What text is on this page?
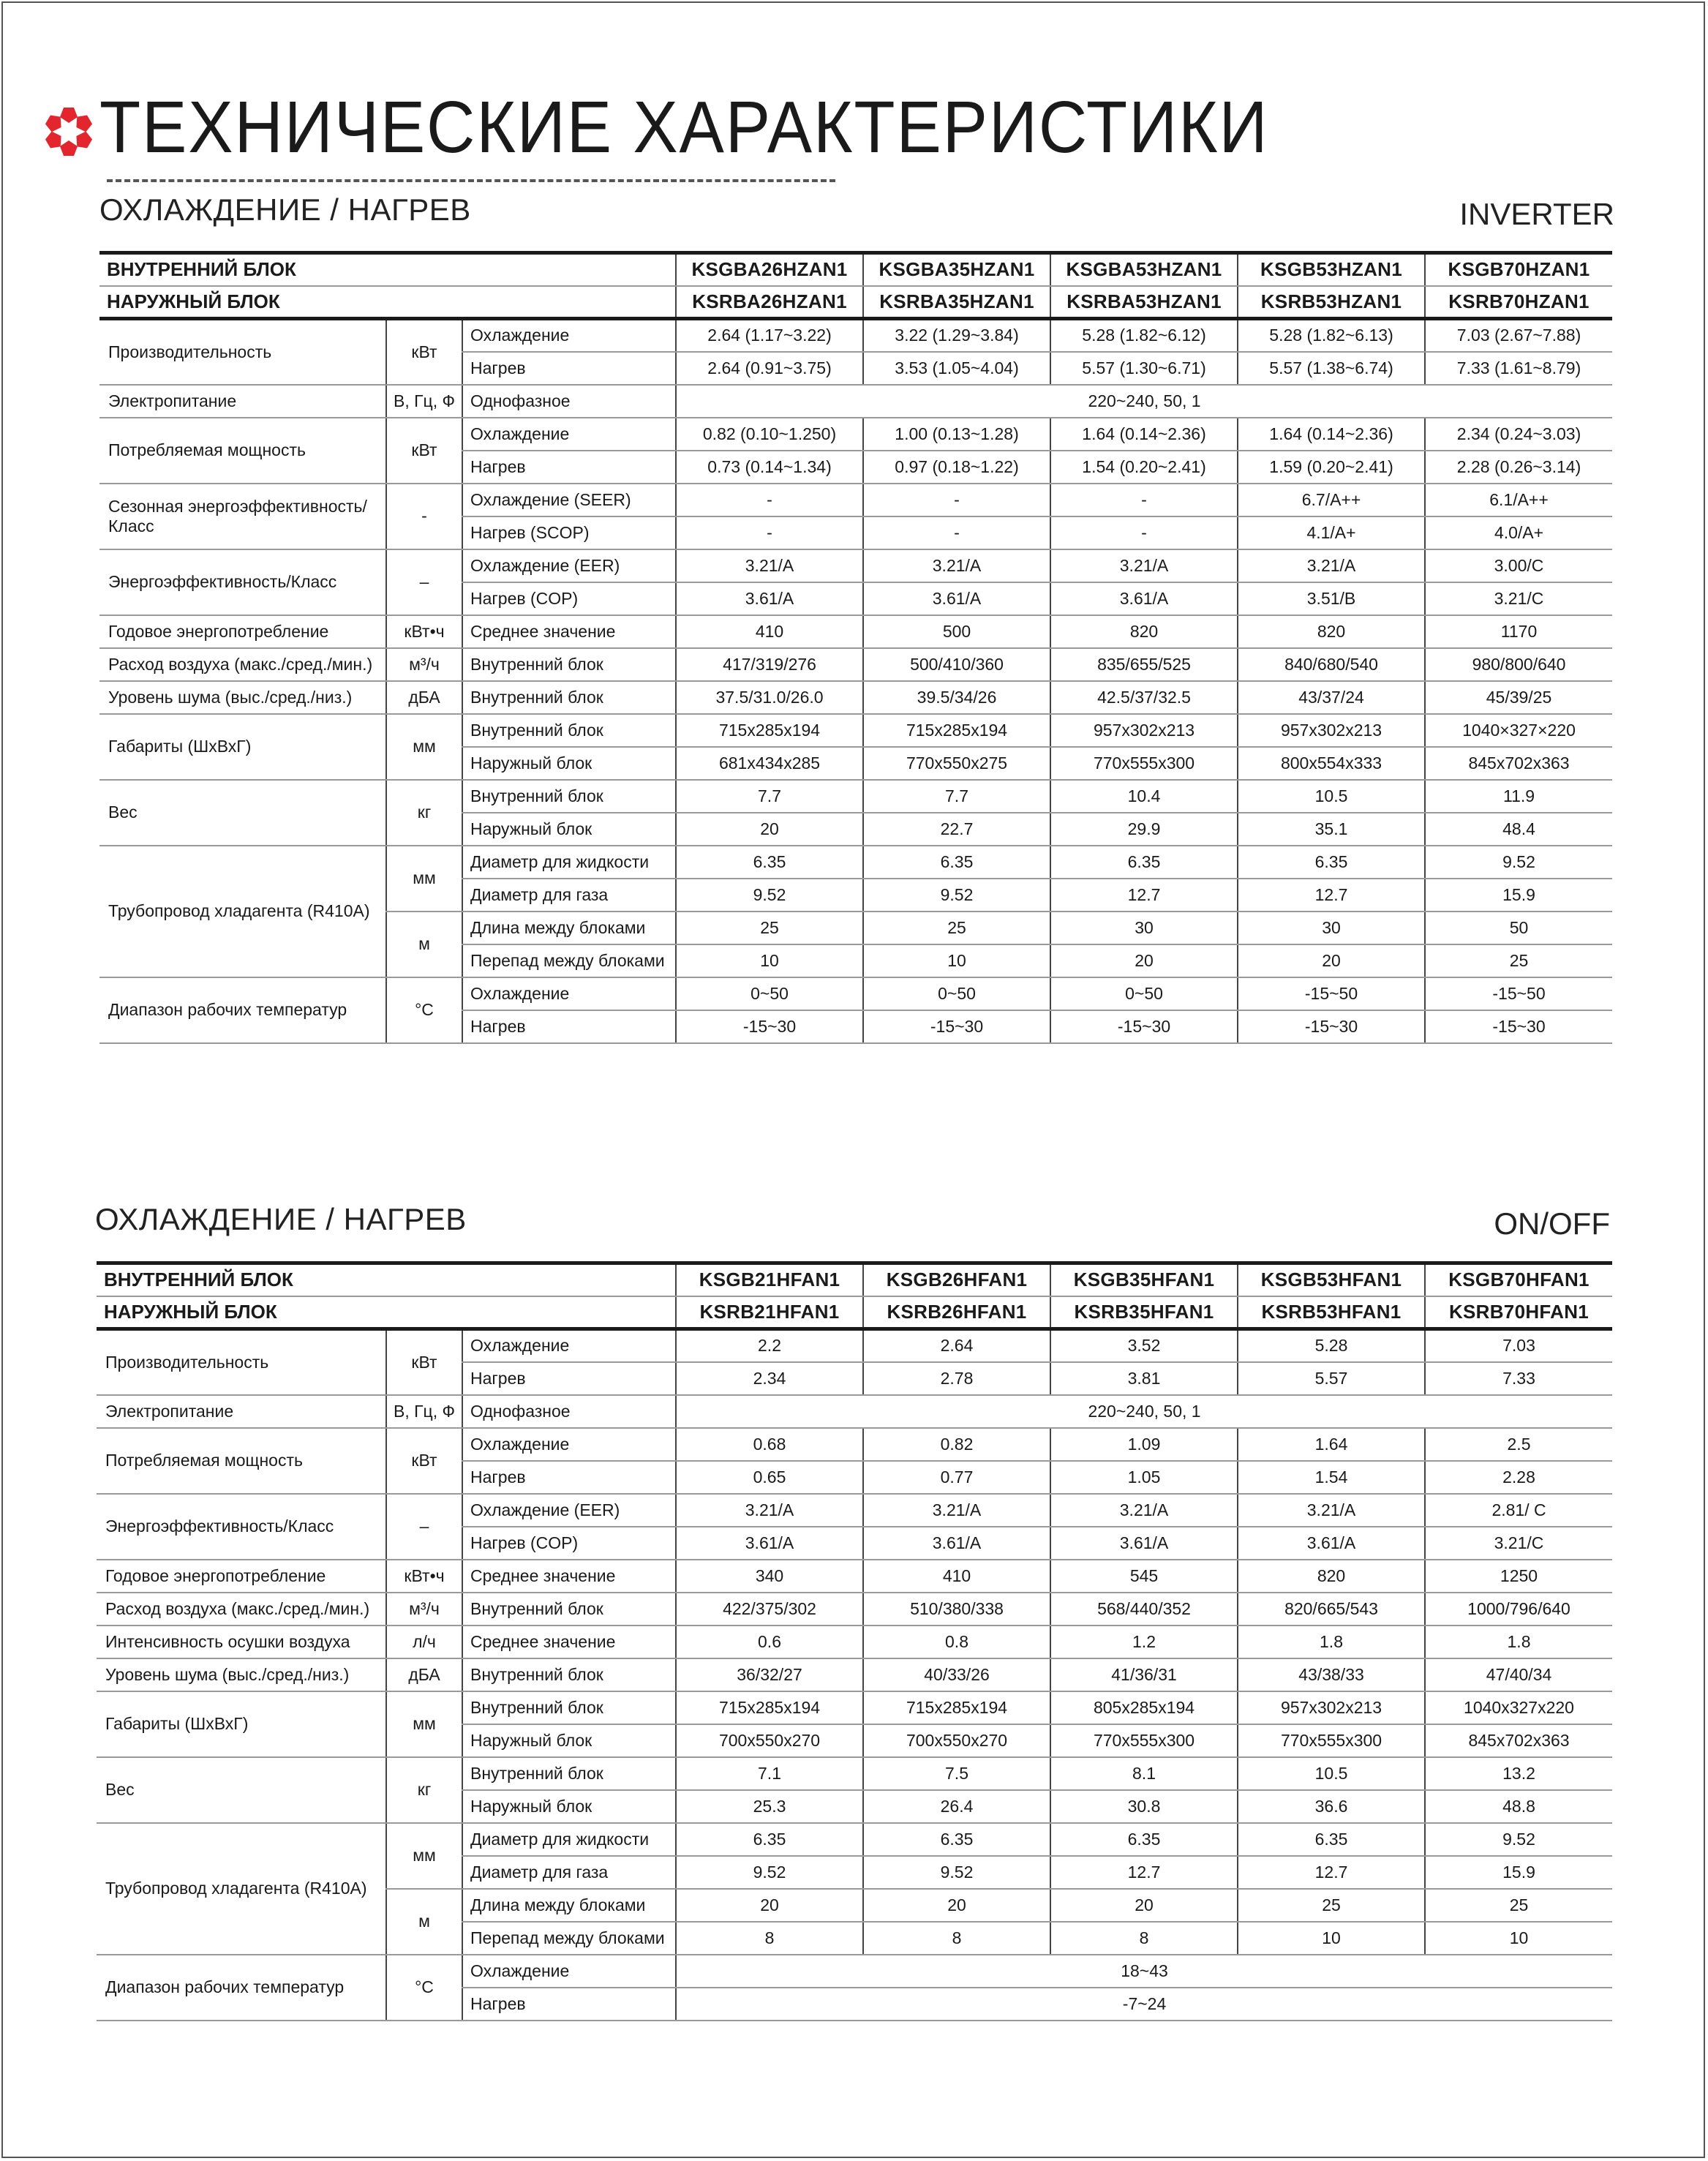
ТЕХНИЧЕСКИЕ ХАРАКТЕРИСТИКИ
ОХЛАЖДЕНИЕ / НАГРЕВ	INVERTER
ВНУТРЕННИЙ БЛОК			KSGBA26HZAN1	KSGBA35HZAN1	KSGBA53HZAN1	KSGB53HZAN1	KSGB70HZAN1
НАРУЖНЫЙ БЛОК			KSRBA26HZAN1	KSRBA35HZAN1	KSRBA53HZAN1	KSRB53HZAN1	KSRB70HZAN1
Производительность	кВт	Охлаждение	2.64 (1.17~3.22)	3.22 (1.29~3.84)	5.28 (1.82~6.12)	5.28 (1.82~6.13)	7.03 (2.67~7.88)
		Нагрев	2.64 (0.91~3.75)	3.53 (1.05~4.04)	5.57 (1.30~6.71)	5.57 (1.38~6.74)	7.33 (1.61~8.79)
Электропитание	В, Гц, Ф	Однофазное	220~240, 50, 1				
Потребляемая мощность	кВт	Охлаждение	0.82 (0.10~1.250)	1.00 (0.13~1.28)	1.64 (0.14~2.36)	1.64 (0.14~2.36)	2.34 (0.24~3.03)
		Нагрев	0.73 (0.14~1.34)	0.97 (0.18~1.22)	1.54 (0.20~2.41)	1.59 (0.20~2.41)	2.28 (0.26~3.14)
Сезонная энергоэффективность/ Класс	-	Охлаждение (SEER)	-	-	-	6.7/A++	6.1/A++
		Нагрев (SCOP)	-	-	-	4.1/A+	4.0/A+
Энергоэффективность/Класс	–	Охлаждение (EER)	3.21/A	3.21/A	3.21/A	3.21/A	3.00/C
		Нагрев (COP)	3.61/A	3.61/A	3.61/A	3.51/B	3.21/C
Годовое энергопотребление	кВт•ч	Среднее значение	410	500	820	820	1170
Расход воздуха (макс./сред./мин.)	м³/ч	Внутренний блок	417/319/276	500/410/360	835/655/525	840/680/540	980/800/640
Уровень шума (выс./сред./низ.)	дБА	Внутренний блок	37.5/31.0/26.0	39.5/34/26	42.5/37/32.5	43/37/24	45/39/25
Габариты (ШхВхГ)	мм	Внутренний блок	715x285x194	715x285x194	957x302x213	957x302x213	1040×327×220
		Наружный блок	681x434x285	770x550x275	770x555x300	800x554x333	845x702x363
Вес	кг	Внутренний блок	7.7	7.7	10.4	10.5	11.9
		Наружный блок	20	22.7	29.9	35.1	48.4
Трубопровод хладагента (R410A)	мм	Диаметр для жидкости	6.35	6.35	6.35	6.35	9.52
		Диаметр для газа	9.52	9.52	12.7	12.7	15.9
	м	Длина между блоками	25	25	30	30	50
		Перепад между блоками	10	10	20	20	25
Диапазон рабочих температур	°С	Охлаждение	0~50	0~50	0~50	-15~50	-15~50
		Нагрев	-15~30	-15~30	-15~30	-15~30	-15~30
ОХЛАЖДЕНИЕ / НАГРЕВ	ON/OFF
ВНУТРЕННИЙ БЛОК			KSGB21HFAN1	KSGB26HFAN1	KSGB35HFAN1	KSGB53HFAN1	KSGB70HFAN1
НАРУЖНЫЙ БЛОК			KSRB21HFAN1	KSRB26HFAN1	KSRB35HFAN1	KSRB53HFAN1	KSRB70HFAN1
Производительность	кВт	Охлаждение	2.2	2.64	3.52	5.28	7.03
		Нагрев	2.34	2.78	3.81	5.57	7.33
Электропитание	В, Гц, Ф	Однофазное	220~240, 50, 1				
Потребляемая мощность	кВт	Охлаждение	0.68	0.82	1.09	1.64	2.5
		Нагрев	0.65	0.77	1.05	1.54	2.28
Энергоэффективность/Класс	–	Охлаждение (EER)	3.21/A	3.21/A	3.21/A	3.21/A	2.81/ C
		Нагрев (COP)	3.61/A	3.61/A	3.61/A	3.61/A	3.21/C
Годовое энергопотребление	кВт•ч	Среднее значение	340	410	545	820	1250
Расход воздуха (макс./сред./мин.)	м³/ч	Внутренний блок	422/375/302	510/380/338	568/440/352	820/665/543	1000/796/640
Интенсивность осушки воздуха	л/ч	Среднее значение	0.6	0.8	1.2	1.8	1.8
Уровень шума (выс./сред./низ.)	дБА	Внутренний блок	36/32/27	40/33/26	41/36/31	43/38/33	47/40/34
Габариты (ШхВхГ)	мм	Внутренний блок	715x285x194	715x285x194	805x285x194	957x302x213	1040x327x220
		Наружный блок	700x550x270	700x550x270	770x555x300	770x555x300	845x702x363
Вес	кг	Внутренний блок	7.1	7.5	8.1	10.5	13.2
		Наружный блок	25.3	26.4	30.8	36.6	48.8
Трубопровод хладагента (R410A)	мм	Диаметр для жидкости	6.35	6.35	6.35	6.35	9.52
		Диаметр для газа	9.52	9.52	12.7	12.7	15.9
	м	Длина между блоками	20	20	20	25	25
		Перепад между блоками	8	8	8	10	10
Диапазон рабочих температур	°С	Охлаждение	18~43				
		Нагрев	-7~24				
